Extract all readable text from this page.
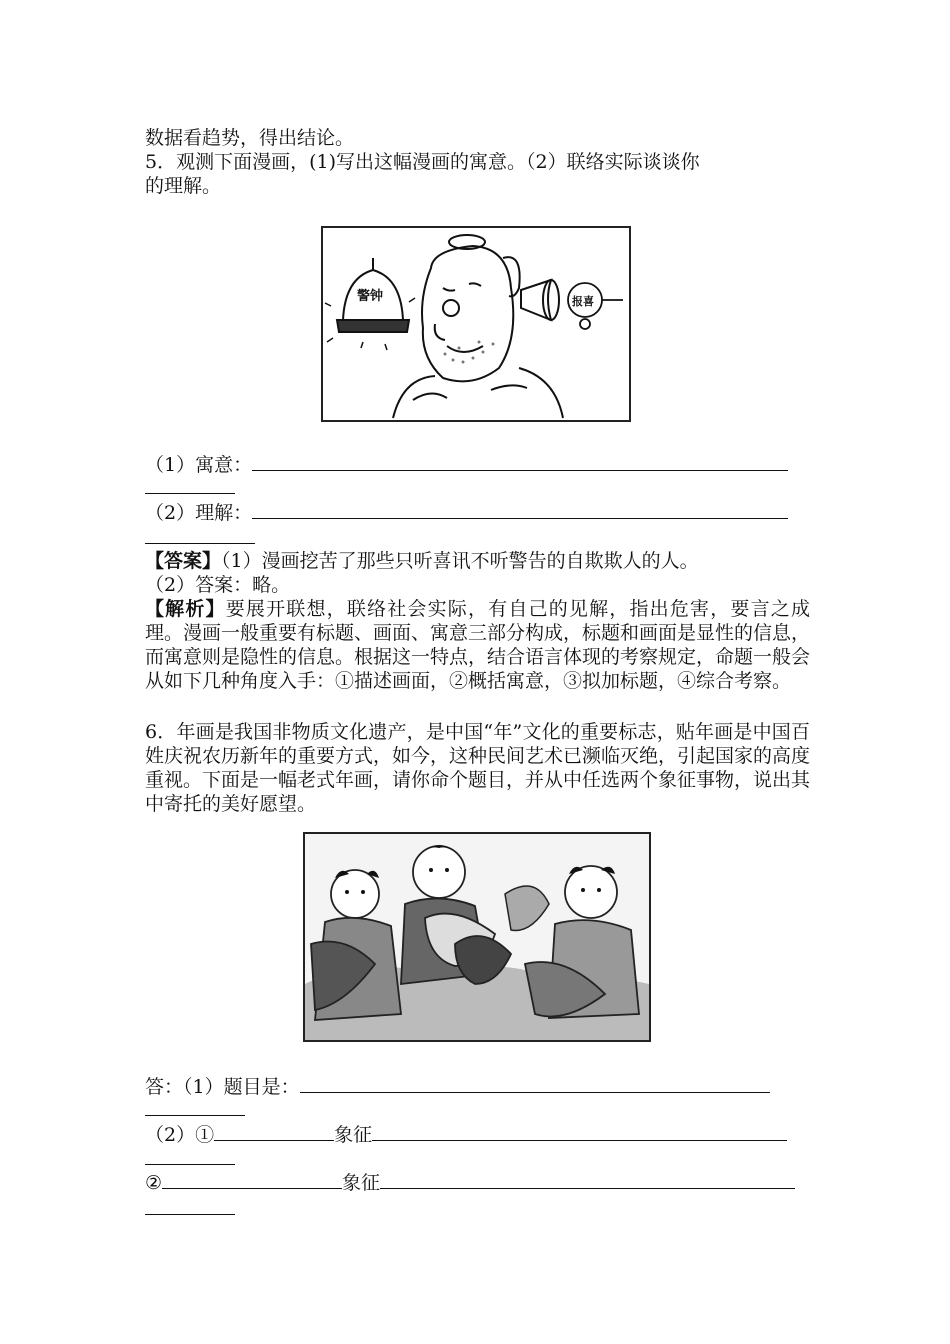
数据看趋势，得出结论。
5．观测下面漫画，(1)写出这幅漫画的寓意。（2）联络实际谈谈你
的理解。
警钟	报喜
（1）寓意：
（2）理解：
【答案】（1）漫画挖苦了那些只听喜讯不听警告的自欺欺人的人。
（2）答案：略。
【解析】要展开联想，联络社会实际，有自己的见解，指出危害，要言之成理。漫画一般重要有标题、画面、寓意三部分构成，标题和画面是显性的信息，而寓意则是隐性的信息。根据这一特点，结合语言体现的考察规定，命题一般会从如下几种角度入手：①描述画面，②概括寓意，③拟加标题，④综合考察。
6．年画是我国非物质文化遗产，是中国“年”文化的重要标志，贴年画是中国百姓庆祝农历新年的重要方式，如今，这种民间艺术已濒临灭绝，引起国家的高度重视。下面是一幅老式年画，请你命个题目，并从中任选两个象征事物，说出其中寄托的美好愿望。
答：（1）题目是：
（2）①	象征
②	象征
